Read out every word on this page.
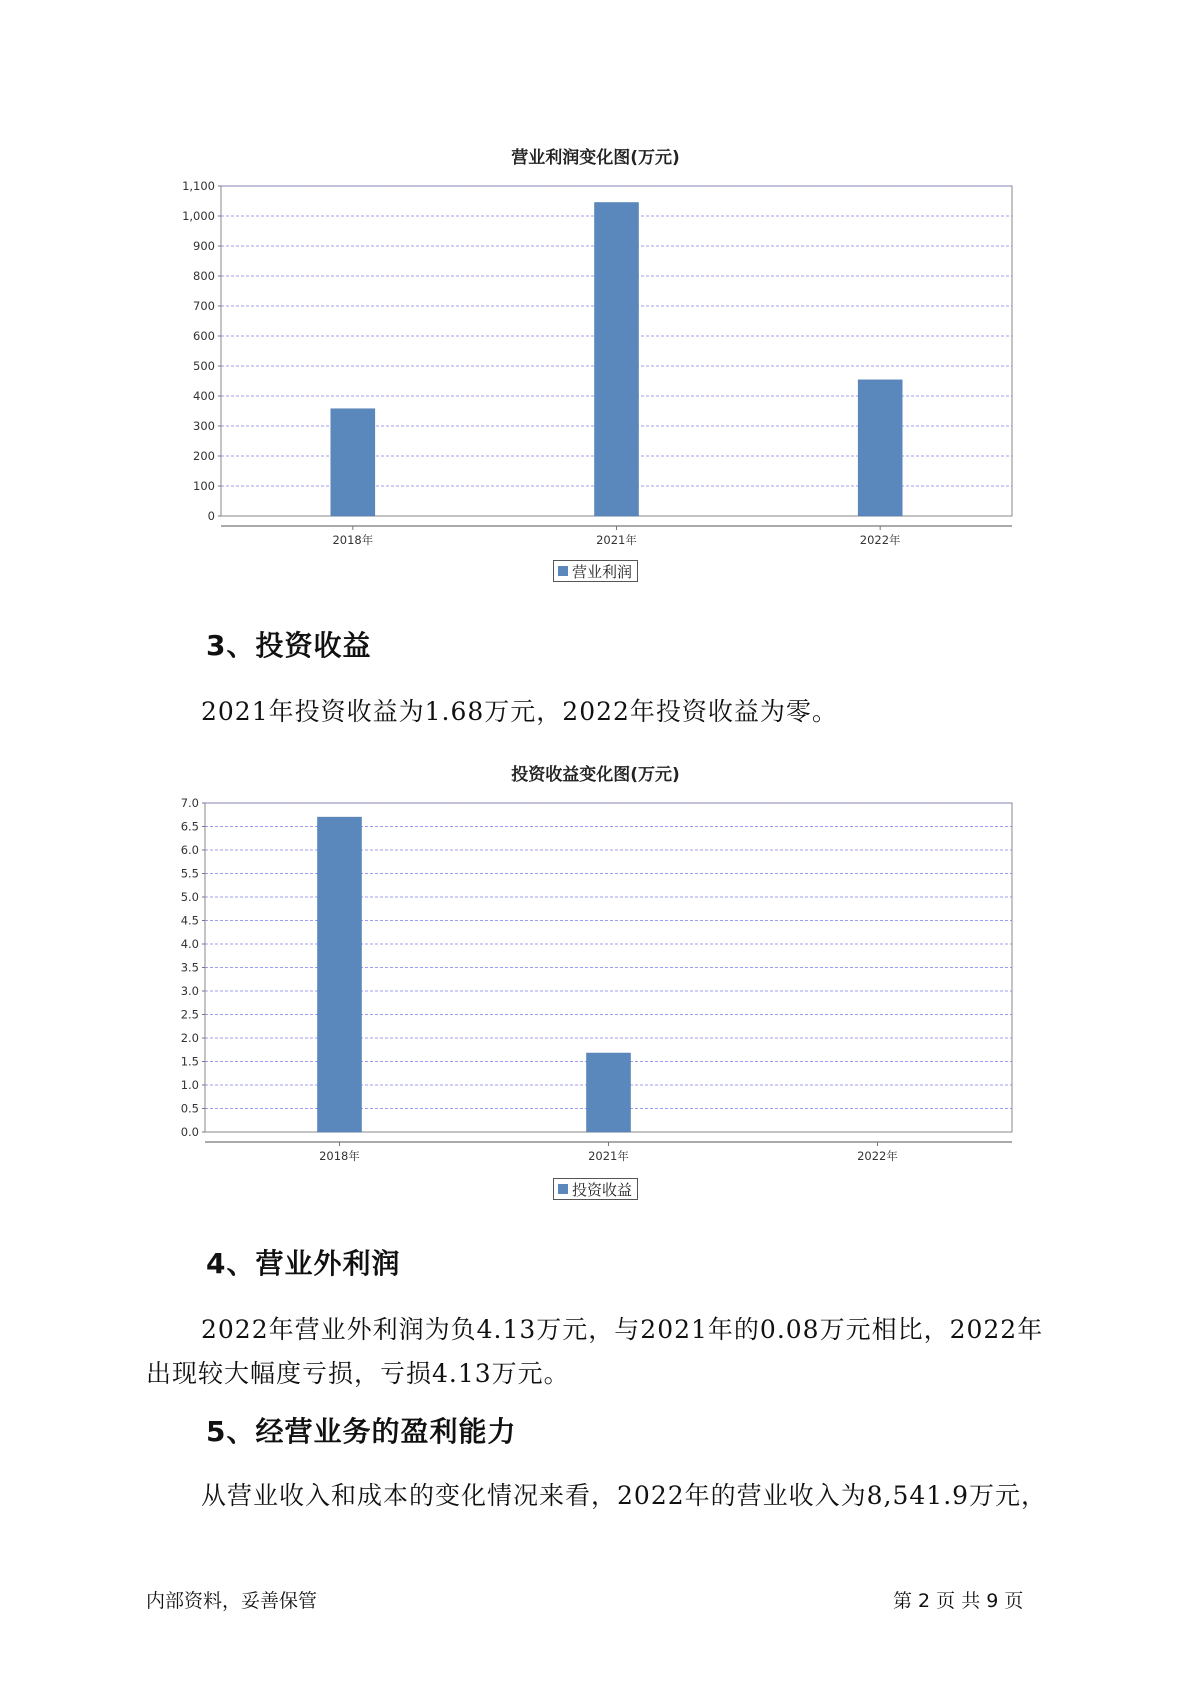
营业利润变化图(万元)
0
100
200
300
400
500
600
700
800
900
1,000
1,100
2018年	2021年	2022年
营业利润
3、投资收益
2021年投资收益为1.68万元，2022年投资收益为零。
投资收益变化图(万元)
0.0
0.5
1.0
1.5
2.0
2.5
3.0
3.5
4.0
4.5
5.0
5.5
6.0
6.5
7.0
2018年	2021年	2022年
投资收益
4、营业外利润
2022年营业外利润为负4.13万元，与2021年的0.08万元相比，2022年
出现较大幅度亏损，亏损4.13万元。
5、经营业务的盈利能力
从营业收入和成本的变化情况来看，2022年的营业收入为8,541.9万元，
内部资料，妥善保管	第 2 页 共 9 页
